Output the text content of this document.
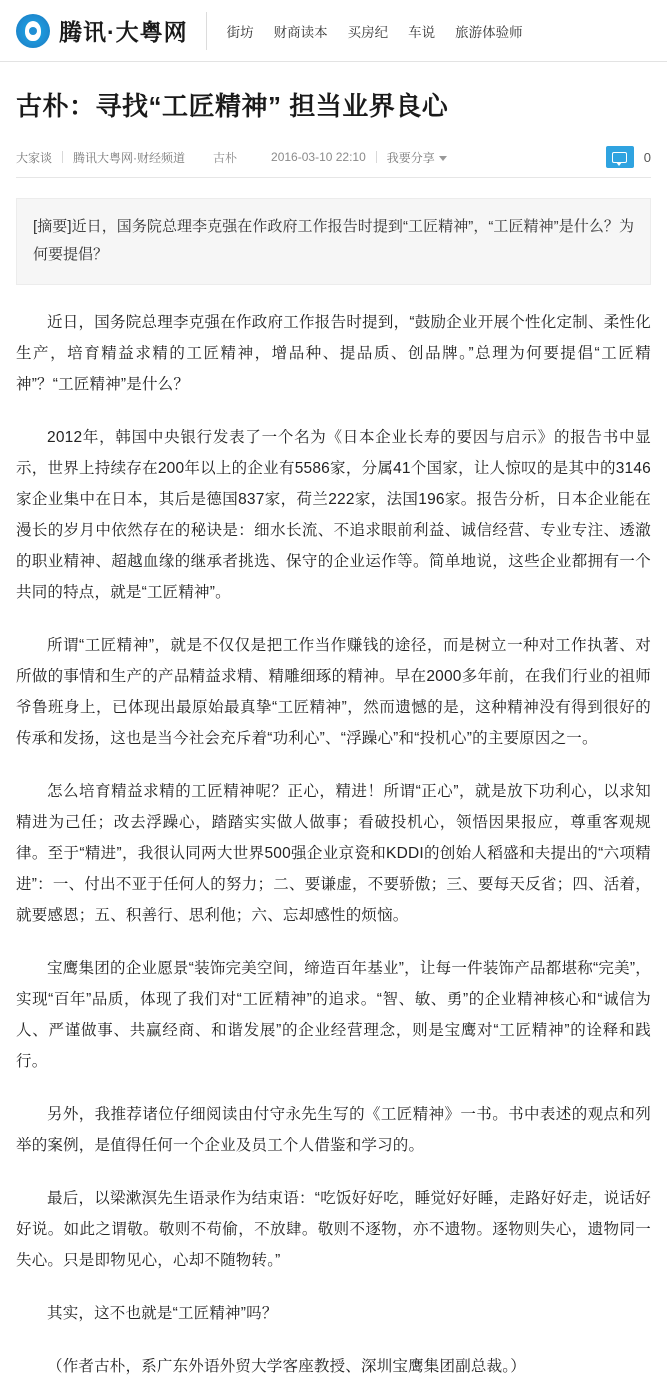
腾讯·大粤网	街坊 财商读本 买房纪 车说 旅游体验师
古朴：寻找“工匠精神” 担当业界良心
大家谈 腾讯大粤网·财经频道 古朴	2016-03-10 22:10 我要分享	0
[摘要]近日，国务院总理李克强在作政府工作报告时提到“工匠精神”，“工匠精神”是什么？为何要提倡？

近日，国务院总理李克强在作政府工作报告时提到，“鼓励企业开展个性化定制、柔性化生产，培育精益求精的工匠精神，增品种、提品质、创品牌。”总理为何要提倡“工匠精神”？“工匠精神”是什么？

2012年，韩国中央银行发表了一个名为《日本企业长寿的要因与启示》的报告书中显示，世界上持续存在200年以上的企业有5586家，分属41个国家，让人惊叹的是其中的3146家企业集中在日本，其后是德国837家，荷兰222家，法国196家。报告分析，日本企业能在漫长的岁月中依然存在的秘诀是：细水长流、不追求眼前利益、诚信经营、专业专注、透澈的职业精神、超越血缘的继承者挑选、保守的企业运作等。简单地说，这些企业都拥有一个共同的特点，就是“工匠精神”。

所谓“工匠精神”，就是不仅仅是把工作当作赚钱的途径，而是树立一种对工作执著、对所做的事情和生产的产品精益求精、精雕细琢的精神。早在2000多年前，在我们行业的祖师爷鲁班身上，已体现出最原始最真挚“工匠精神”，然而遗憾的是，这种精神没有得到很好的传承和发扬，这也是当今社会充斥着“功利心”、“浮躁心”和“投机心”的主要原因之一。

怎么培育精益求精的工匠精神呢？正心，精进！所谓“正心”，就是放下功利心，以求知精进为己任；改去浮躁心，踏踏实实做人做事；看破投机心，领悟因果报应，尊重客观规律。至于“精进”，我很认同两大世界500强企业京瓷和KDDI的创始人稻盛和夫提出的“六项精进”：一、付出不亚于任何人的努力；二、要谦虚，不要骄傲；三、要每天反省；四、活着，就要感恩；五、积善行、思利他；六、忘却感性的烦恼。

宝鹰集团的企业愿景“装饰完美空间，缔造百年基业”，让每一件装饰产品都堪称“完美”，实现“百年”品质，体现了我们对“工匠精神”的追求。“智、敏、勇”的企业精神核心和“诚信为人、严谨做事、共赢经商、和谐发展”的企业经营理念，则是宝鹰对“工匠精神”的诠释和践行。

另外，我推荐诸位仔细阅读由付守永先生写的《工匠精神》一书。书中表述的观点和列举的案例，是值得任何一个企业及员工个人借鉴和学习的。

最后，以梁漱溟先生语录作为结束语：“吃饭好好吃，睡觉好好睡，走路好好走，说话好好说。如此之谓敬。敬则不苟偷，不放肆。敬则不逐物，亦不遗物。逐物则失心，遗物同一失心。只是即物见心，心却不随物转。”

其实，这不也就是“工匠精神”吗？

（作者古朴，系广东外语外贸大学客座教授、深圳宝鹰集团副总裁。）
